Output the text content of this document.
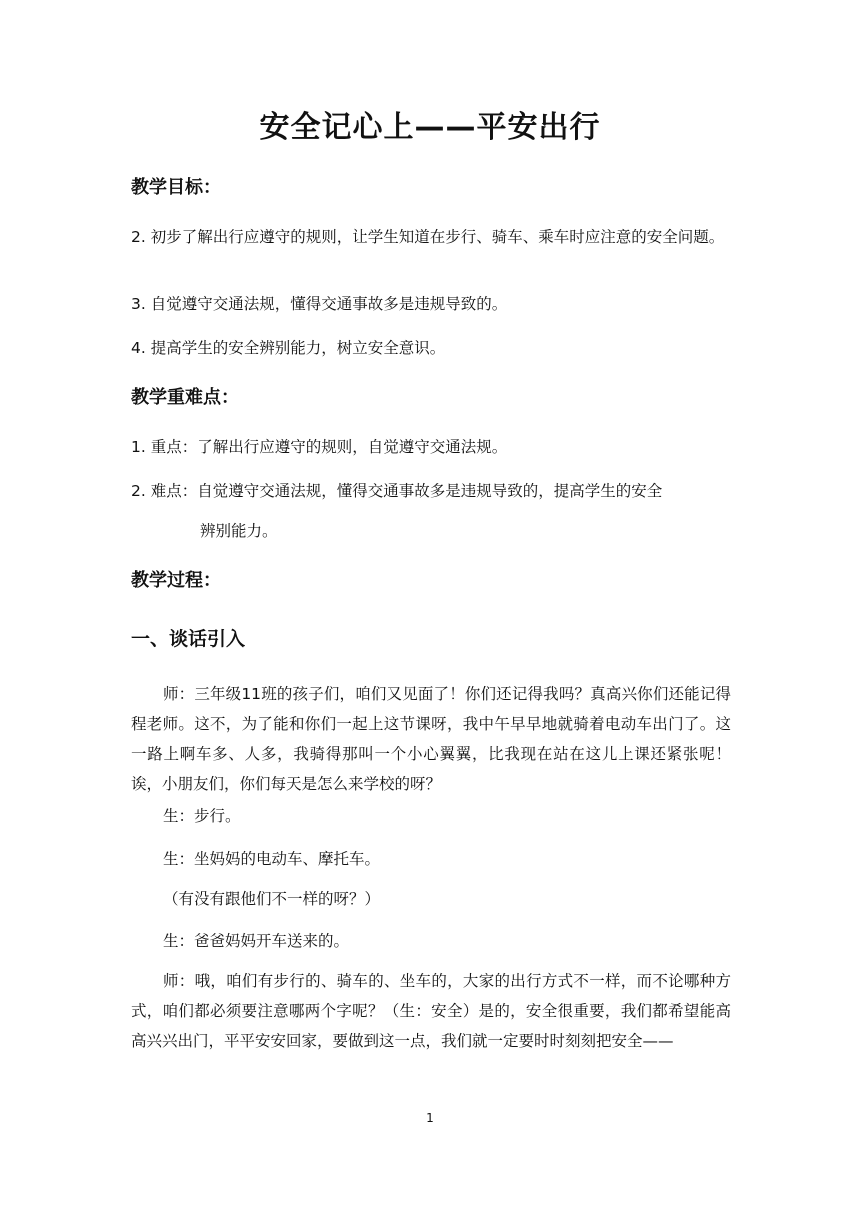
安全记心上——平安出行
教学目标：
2. 初步了解出行应遵守的规则，让学生知道在步行、骑车、乘车时应注意的安全问题。
3. 自觉遵守交通法规，懂得交通事故多是违规导致的。
4. 提高学生的安全辨别能力，树立安全意识。
教学重难点：
1. 重点：了解出行应遵守的规则，自觉遵守交通法规。
2. 难点：自觉遵守交通法规，懂得交通事故多是违规导致的，提高学生的安全
辨别能力。
教学过程：
一、谈话引入
师：三年级11班的孩子们，咱们又见面了！你们还记得我吗？真高兴你们还能记得程老师。这不，为了能和你们一起上这节课呀，我中午早早地就骑着电动车出门了。这一路上啊车多、人多，我骑得那叫一个小心翼翼，比我现在站在这儿上课还紧张呢！诶，小朋友们，你们每天是怎么来学校的呀？
生：步行。
生：坐妈妈的电动车、摩托车。
（有没有跟他们不一样的呀？）
生：爸爸妈妈开车送来的。
师：哦，咱们有步行的、骑车的、坐车的，大家的出行方式不一样，而不论哪种方式，咱们都必须要注意哪两个字呢？（生：安全）是的，安全很重要，我们都希望能高高兴兴出门，平平安安回家，要做到这一点，我们就一定要时时刻刻把安全——
1
